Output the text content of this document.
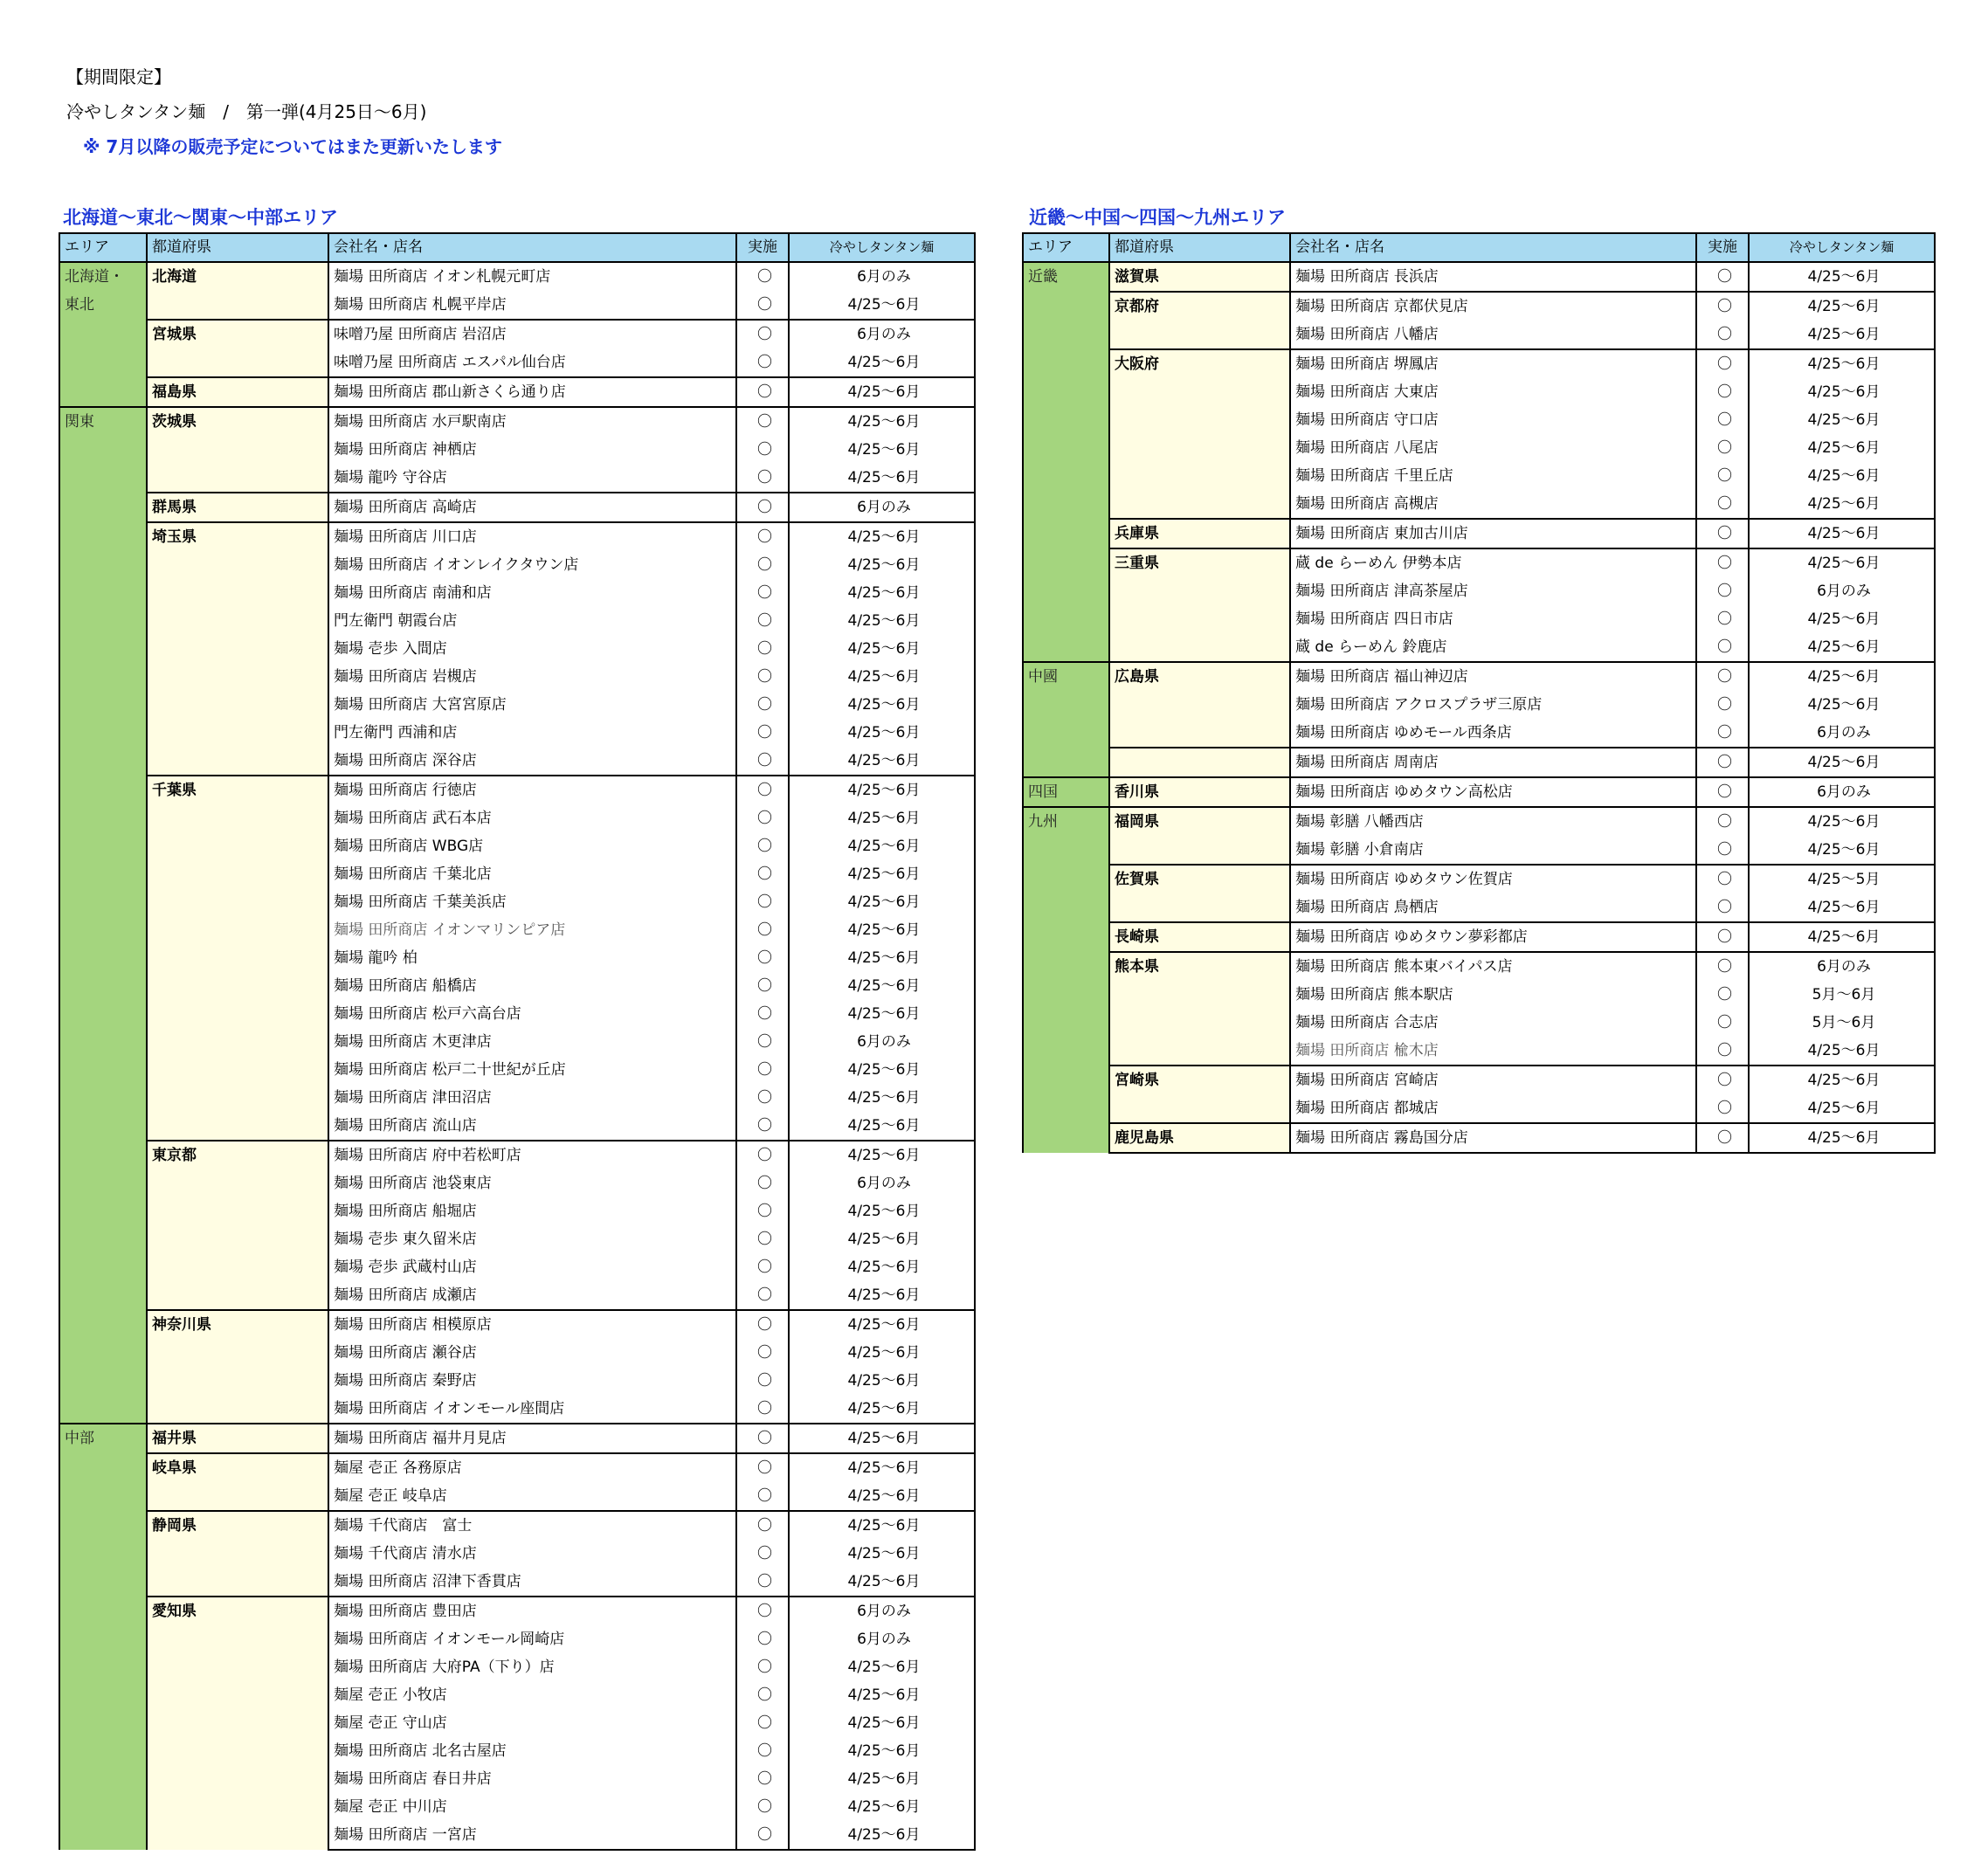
【期間限定】
冷やしタンタン麺　/　第一弾(4月25日〜6月)
※ 7月以降の販売予定についてはまた更新いたします
北海道〜東北〜関東〜中部エリア	近畿〜中国〜四国〜九州エリア
エリア	都道府県	会社名・店名	実施	冷やしタンタン麺
北海道・
東北	北海道	麺場 田所商店 イオン札幌元町店	〇	6月のみ
		麺場 田所商店 札幌平岸店	〇	4/25〜6月
	宮城県	味噌乃屋 田所商店 岩沼店	〇	6月のみ
		味噌乃屋 田所商店 エスパル仙台店	〇	4/25〜6月
	福島県	麺場 田所商店 郡山新さくら通り店	〇	4/25〜6月
関東	茨城県	麺場 田所商店 水戸駅南店	〇	4/25〜6月
		麺場 田所商店 神栖店	〇	4/25〜6月
		麺場 龍吟 守谷店	〇	4/25〜6月
	群馬県	麺場 田所商店 高崎店	〇	6月のみ
	埼玉県	麺場 田所商店 川口店	〇	4/25〜6月
		麺場 田所商店 イオンレイクタウン店	〇	4/25〜6月
		麺場 田所商店 南浦和店	〇	4/25〜6月
		門左衛門 朝霞台店	〇	4/25〜6月
		麺場 壱歩 入間店	〇	4/25〜6月
		麺場 田所商店 岩槻店	〇	4/25〜6月
		麺場 田所商店 大宮宮原店	〇	4/25〜6月
		門左衛門 西浦和店	〇	4/25〜6月
		麺場 田所商店 深谷店	〇	4/25〜6月
	千葉県	麺場 田所商店 行徳店	〇	4/25〜6月
		麺場 田所商店 武石本店	〇	4/25〜6月
		麺場 田所商店 WBG店	〇	4/25〜6月
		麺場 田所商店 千葉北店	〇	4/25〜6月
		麺場 田所商店 千葉美浜店	〇	4/25〜6月
		麺場 田所商店 イオンマリンピア店	〇	4/25〜6月
		麺場 龍吟 柏	〇	4/25〜6月
		麺場 田所商店 船橋店	〇	4/25〜6月
		麺場 田所商店 松戸六高台店	〇	4/25〜6月
		麺場 田所商店 木更津店	〇	6月のみ
		麺場 田所商店 松戸二十世紀が丘店	〇	4/25〜6月
		麺場 田所商店 津田沼店	〇	4/25〜6月
		麺場 田所商店 流山店	〇	4/25〜6月
	東京都	麺場 田所商店 府中若松町店	〇	4/25〜6月
		麺場 田所商店 池袋東店	〇	6月のみ
		麺場 田所商店 船堀店	〇	4/25〜6月
		麺場 壱歩 東久留米店	〇	4/25〜6月
		麺場 壱歩 武蔵村山店	〇	4/25〜6月
		麺場 田所商店 成瀬店	〇	4/25〜6月
	神奈川県	麺場 田所商店 相模原店	〇	4/25〜6月
		麺場 田所商店 瀬谷店	〇	4/25〜6月
		麺場 田所商店 秦野店	〇	4/25〜6月
		麺場 田所商店 イオンモール座間店	〇	4/25〜6月
中部	福井県	麺場 田所商店 福井月見店	〇	4/25〜6月
	岐阜県	麺屋 壱正 各務原店	〇	4/25〜6月
		麺屋 壱正 岐阜店	〇	4/25〜6月
	静岡県	麺場 千代商店　富士	〇	4/25〜6月
		麺場 千代商店 清水店	〇	4/25〜6月
		麺場 田所商店 沼津下香貫店	〇	4/25〜6月
	愛知県	麺場 田所商店 豊田店	〇	6月のみ
		麺場 田所商店 イオンモール岡崎店	〇	6月のみ
		麺場 田所商店 大府PA（下り）店	〇	4/25〜6月
		麺屋 壱正 小牧店	〇	4/25〜6月
		麺屋 壱正 守山店	〇	4/25〜6月
		麺場 田所商店 北名古屋店	〇	4/25〜6月
		麺場 田所商店 春日井店	〇	4/25〜6月
		麺屋 壱正 中川店	〇	4/25〜6月
		麺場 田所商店 一宮店	〇	4/25〜6月
エリア	都道府県	会社名・店名	実施	冷やしタンタン麺
近畿	滋賀県	麺場 田所商店 長浜店	〇	4/25〜6月
	京都府	麺場 田所商店 京都伏見店	〇	4/25〜6月
		麺場 田所商店 八幡店	〇	4/25〜6月
	大阪府	麺場 田所商店 堺鳳店	〇	4/25〜6月
		麺場 田所商店 大東店	〇	4/25〜6月
		麺場 田所商店 守口店	〇	4/25〜6月
		麺場 田所商店 八尾店	〇	4/25〜6月
		麺場 田所商店 千里丘店	〇	4/25〜6月
		麺場 田所商店 高槻店	〇	4/25〜6月
	兵庫県	麺場 田所商店 東加古川店	〇	4/25〜6月
	三重県	蔵 de らーめん 伊勢本店	〇	4/25〜6月
		麺場 田所商店 津高茶屋店	〇	6月のみ
		麺場 田所商店 四日市店	〇	4/25〜6月
		蔵 de らーめん 鈴鹿店	〇	4/25〜6月
中國	広島県	麺場 田所商店 福山神辺店	〇	4/25〜6月
		麺場 田所商店 アクロスプラザ三原店	〇	4/25〜6月
		麺場 田所商店 ゆめモール西条店	〇	6月のみ
		麺場 田所商店 周南店	〇	4/25〜6月
四国	香川県	麺場 田所商店 ゆめタウン高松店	〇	6月のみ
九州	福岡県	麺場 彰膳 八幡西店	〇	4/25〜6月
		麺場 彰膳 小倉南店	〇	4/25〜6月
	佐賀県	麺場 田所商店 ゆめタウン佐賀店	〇	4/25〜5月
		麺場 田所商店 鳥栖店	〇	4/25〜6月
	長崎県	麺場 田所商店 ゆめタウン夢彩都店	〇	4/25〜6月
	熊本県	麺場 田所商店 熊本東バイパス店	〇	6月のみ
		麺場 田所商店 熊本駅店	〇	5月〜6月
		麺場 田所商店 合志店	〇	5月〜6月
		麺場 田所商店 楡木店	〇	4/25〜6月
	宮崎県	麺場 田所商店 宮崎店	〇	4/25〜6月
		麺場 田所商店 都城店	〇	4/25〜6月
	鹿児島県	麺場 田所商店 霧島国分店	〇	4/25〜6月
